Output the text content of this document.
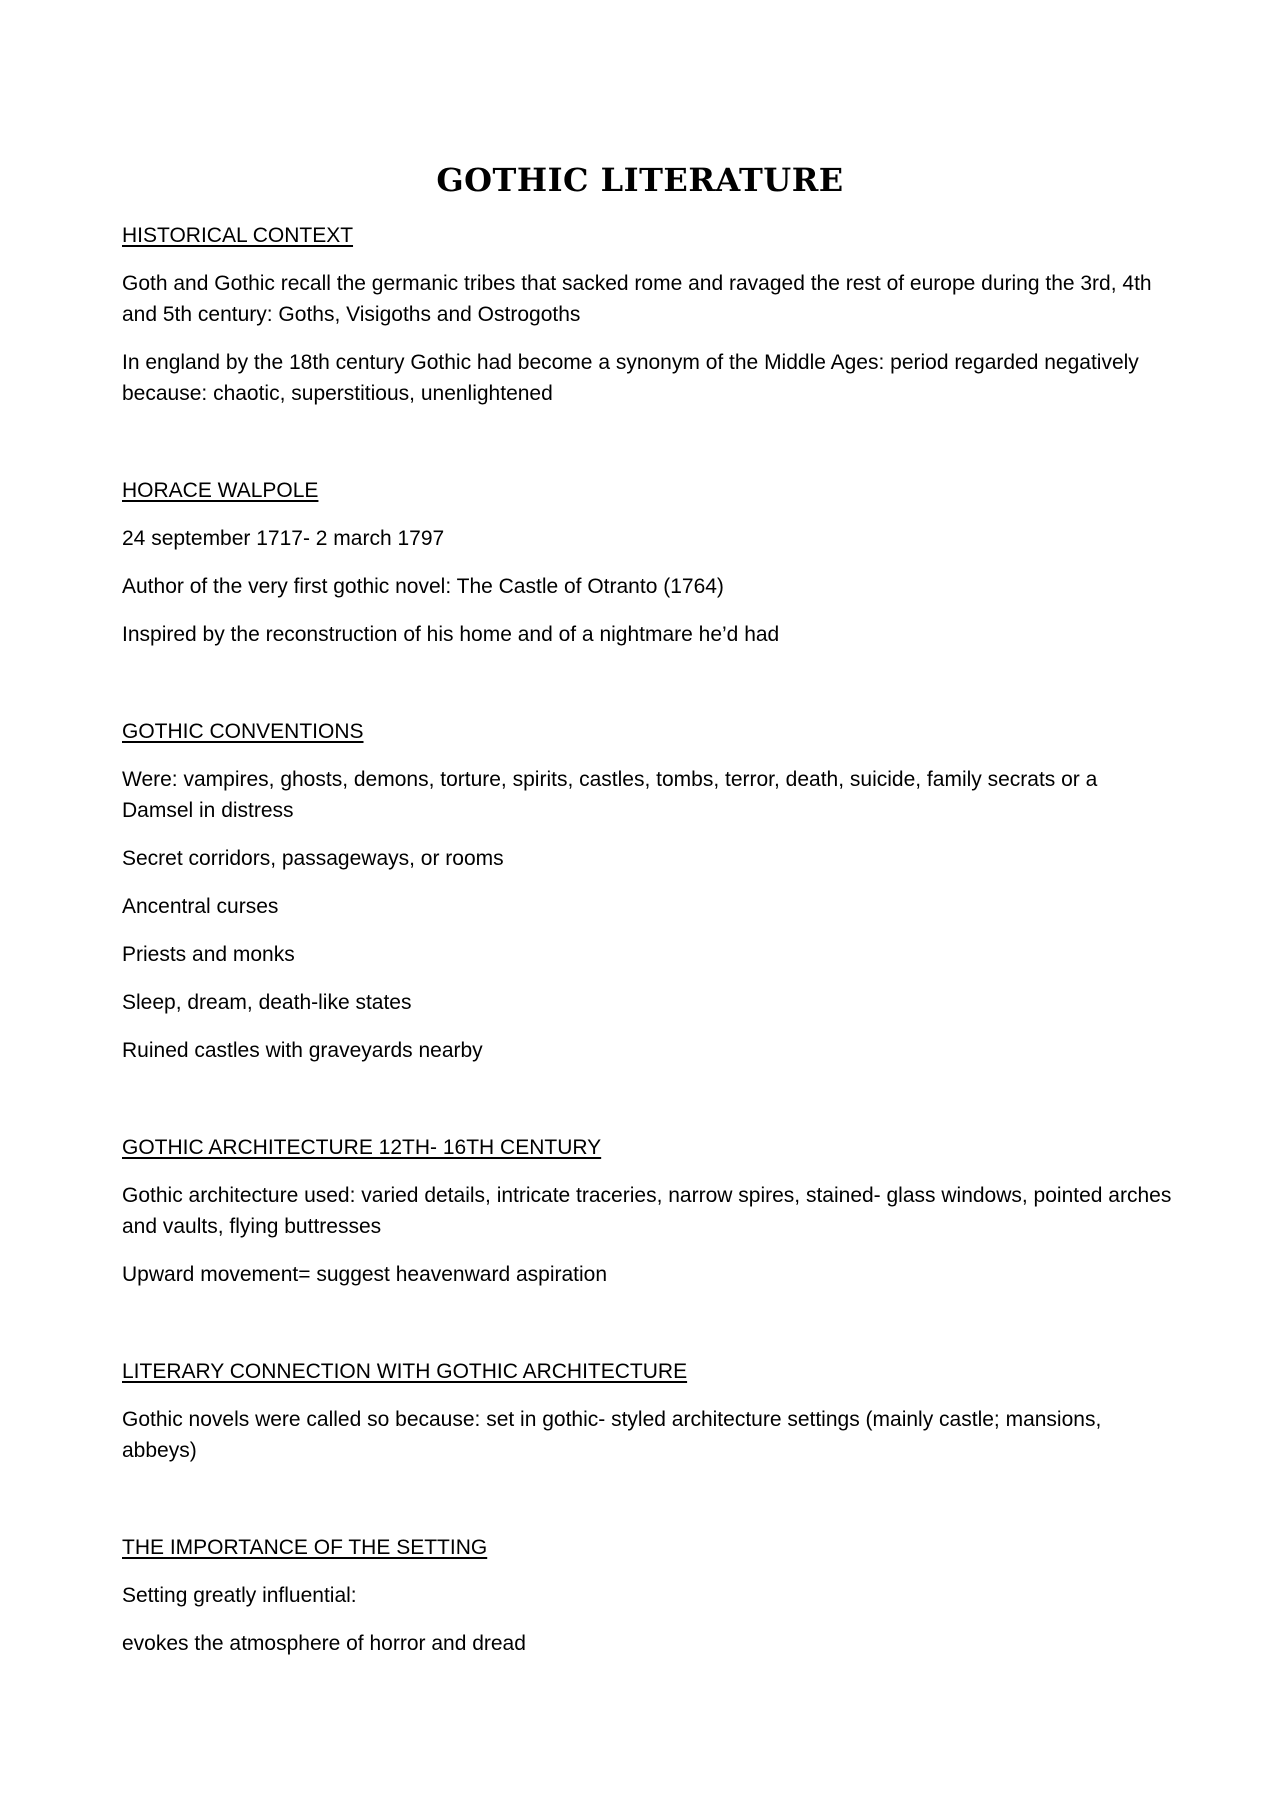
GOTHIC LITERATURE
HISTORICAL CONTEXT
Goth and Gothic recall the germanic tribes that sacked rome and ravaged the rest of europe during the 3rd, 4th and 5th century: Goths, Visigoths and Ostrogoths
In england by the 18th century Gothic had become a synonym of the Middle Ages: period regarded negatively because: chaotic, superstitious, unenlightened
HORACE WALPOLE
24 september 1717- 2 march 1797
Author of the very first gothic novel: The Castle of Otranto (1764)
Inspired by the reconstruction of his home and of a nightmare he’d had
GOTHIC CONVENTIONS
Were: vampires, ghosts, demons, torture, spirits, castles, tombs, terror, death, suicide, family secrats or a Damsel in distress
Secret corridors, passageways, or rooms
Ancentral curses
Priests and monks
Sleep, dream, death-like states
Ruined castles with graveyards nearby
GOTHIC ARCHITECTURE 12TH- 16TH CENTURY
Gothic architecture used: varied details, intricate traceries, narrow spires, stained- glass windows, pointed arches and vaults, flying buttresses
Upward movement= suggest heavenward aspiration
LITERARY CONNECTION WITH GOTHIC ARCHITECTURE
Gothic novels were called so because: set in gothic- styled architecture settings (mainly castle; mansions, abbeys)
THE IMPORTANCE OF THE SETTING
Setting greatly influential:
evokes the atmosphere of horror and dread
